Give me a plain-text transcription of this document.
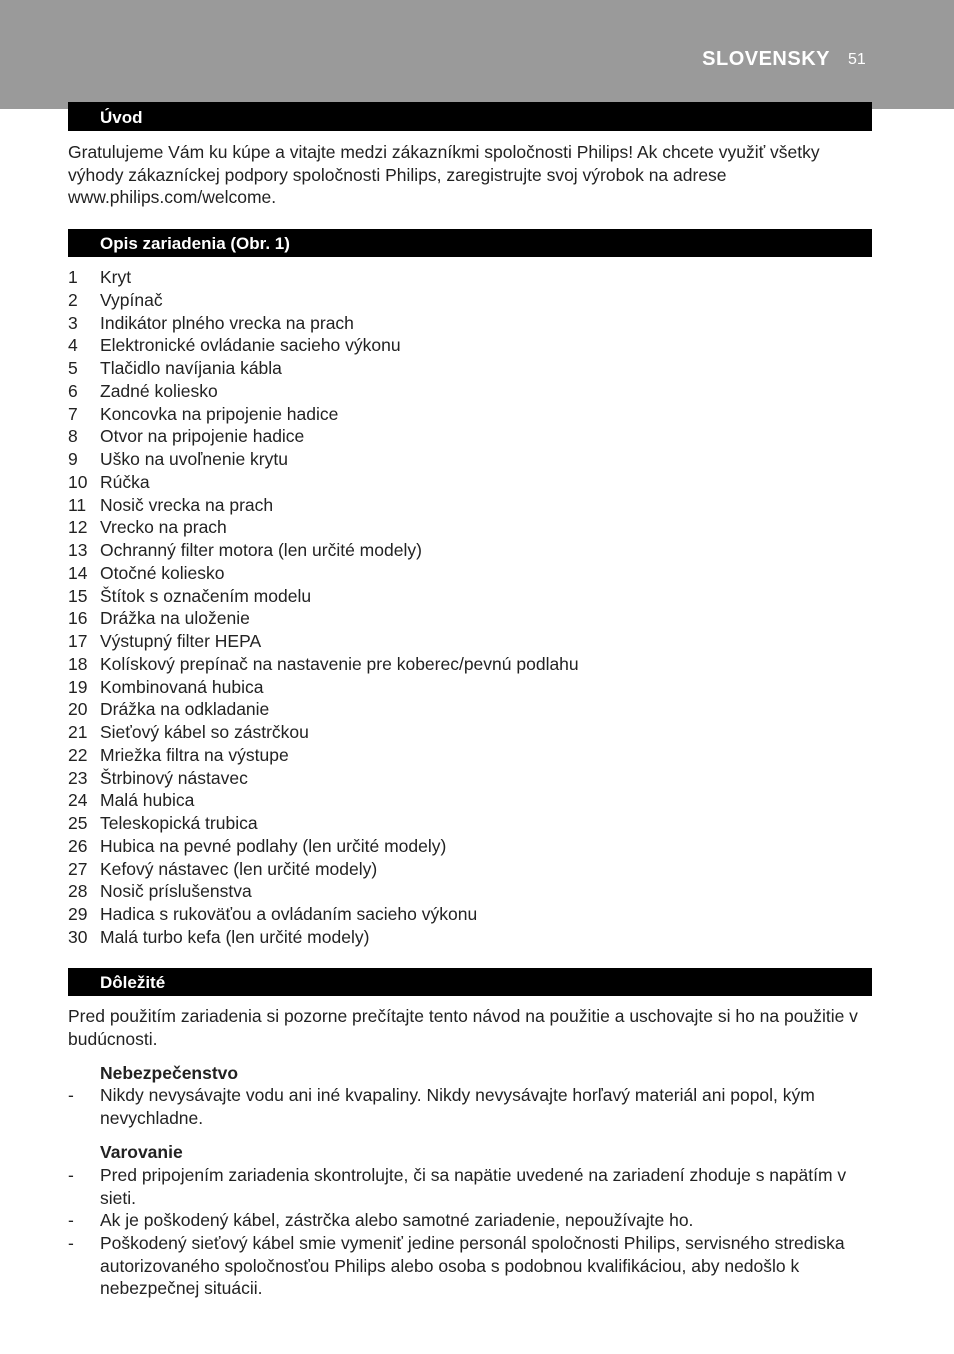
SLOVENSKY 51
Úvod
Gratulujeme Vám ku kúpe a vitajte medzi zákazníkmi spoločnosti Philips! Ak chcete využiť všetky výhody zákazníckej podpory spoločnosti Philips, zaregistrujte svoj výrobok na adrese www.philips.com/welcome.
Opis zariadenia (Obr. 1)
1 Kryt
2 Vypínač
3 Indikátor plného vrecka na prach
4 Elektronické ovládanie sacieho výkonu
5 Tlačidlo navíjania kábla
6 Zadné koliesko
7 Koncovka na pripojenie hadice
8 Otvor na pripojenie hadice
9 Uško na uvoľnenie krytu
10 Rúčka
11 Nosič vrecka na prach
12 Vrecko na prach
13 Ochranný filter motora (len určité modely)
14 Otočné koliesko
15 Štítok s označením modelu
16 Drážka na uloženie
17 Výstupný filter HEPA
18 Kolískový prepínač na nastavenie pre koberec/pevnú podlahu
19 Kombinovaná hubica
20 Drážka na odkladanie
21 Sieťový kábel so zástrčkou
22 Mriežka filtra na výstupe
23 Štrbinový nástavec
24 Malá hubica
25 Teleskopická trubica
26 Hubica na pevné podlahy (len určité modely)
27 Kefový nástavec (len určité modely)
28 Nosič príslušenstva
29 Hadica s rukoväťou a ovládaním sacieho výkonu
30 Malá turbo kefa (len určité modely)
Dôležité
Pred použitím zariadenia si pozorne prečítajte tento návod na použitie a uschovajte si ho na použitie v budúcnosti.
Nebezpečenstvo
- Nikdy nevysávajte vodu ani iné kvapaliny. Nikdy nevysávajte horľavý materiál ani popol, kým nevychladne.
Varovanie
- Pred pripojením zariadenia skontrolujte, či sa napätie uvedené na zariadení zhoduje s napätím v sieti.
- Ak je poškodený kábel, zástrčka alebo samotné zariadenie, nepoužívajte ho.
- Poškodený sieťový kábel smie vymeniť jedine personál spoločnosti Philips, servisného strediska autorizovaného spoločnosťou Philips alebo osoba s podobnou kvalifikáciou, aby nedošlo k nebezpečnej situácii.
